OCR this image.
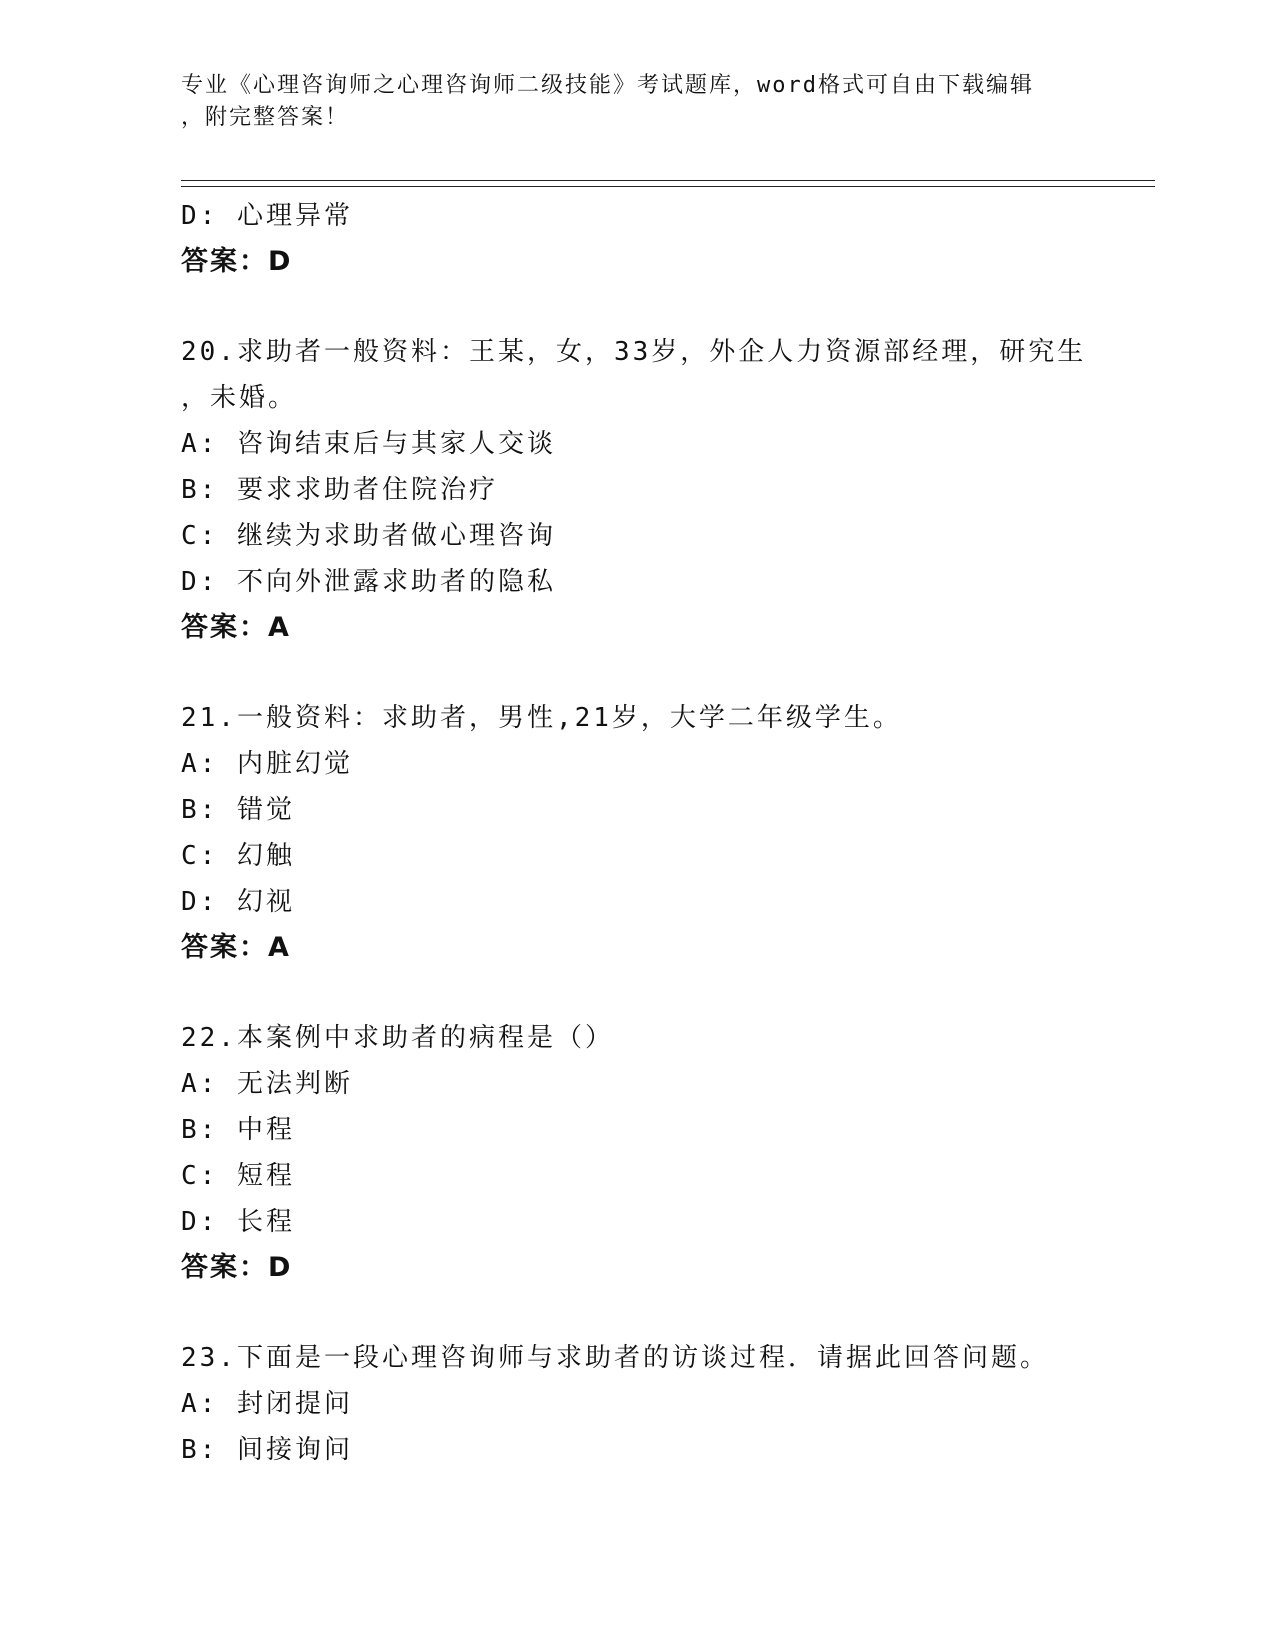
专业《心理咨询师之心理咨询师二级技能》考试题库，word格式可自由下载编辑
，附完整答案！
D: 心理异常
答案：D
20.求助者一般资料：王某，女，33岁，外企人力资源部经理，研究生
，未婚。
A: 咨询结束后与其家人交谈
B: 要求求助者住院治疗
C: 继续为求助者做心理咨询
D: 不向外泄露求助者的隐私
答案：A
21.一般资料：求助者，男性,21岁，大学二年级学生。
A: 内脏幻觉
B: 错觉
C: 幻触
D: 幻视
答案：A
22.本案例中求助者的病程是（）
A: 无法判断
B: 中程
C: 短程
D: 长程
答案：D
23.下面是一段心理咨询师与求助者的访谈过程．请据此回答问题。
A: 封闭提问
B: 间接询问
